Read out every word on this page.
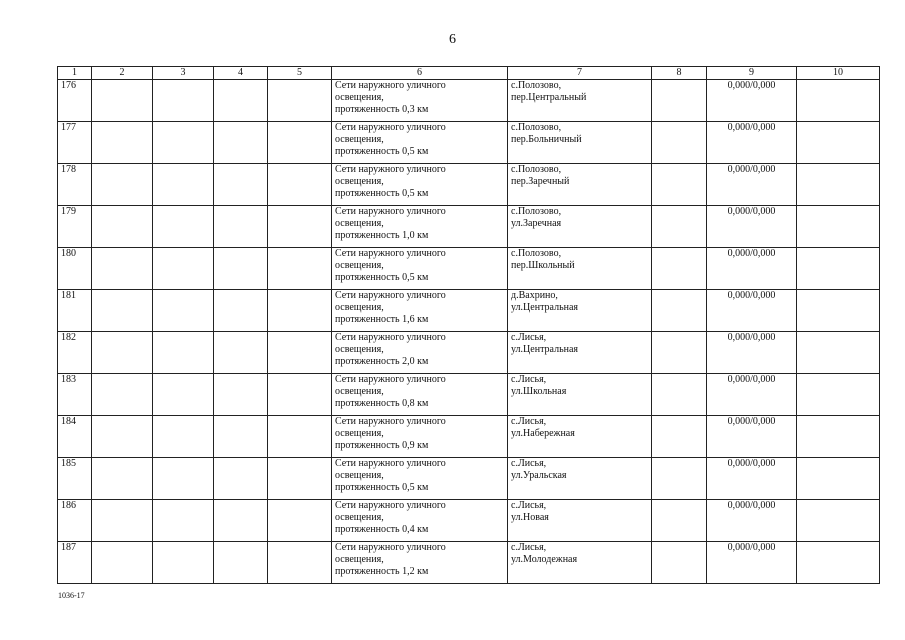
6
1	2	3	4	5	6	7	8	9	10
176					Сети наружного уличного
освещения,
протяженность 0,3 км	с.Полозово,
пер.Центральный		0,000/0,000	
177					Сети наружного уличного
освещения,
протяженность 0,5 км	с.Полозово,
пер.Больничный		0,000/0,000	
178					Сети наружного уличного
освещения,
протяженность 0,5 км	с.Полозово,
пер.Заречный		0,000/0,000	
179					Сети наружного уличного
освещения,
протяженность 1,0 км	с.Полозово,
ул.Заречная		0,000/0,000	
180					Сети наружного уличного
освещения,
протяженность 0,5 км	с.Полозово,
пер.Школьный		0,000/0,000	
181					Сети наружного уличного
освещения,
протяженность 1,6 км	д.Вахрино,
ул.Центральная		0,000/0,000	
182					Сети наружного уличного
освещения,
протяженность 2,0 км	с.Лисья,
ул.Центральная		0,000/0,000	
183					Сети наружного уличного
освещения,
протяженность 0,8 км	с.Лисья,
ул.Школьная		0,000/0,000	
184					Сети наружного уличного
освещения,
протяженность 0,9 км	с.Лисья,
ул.Набережная		0,000/0,000	
185					Сети наружного уличного
освещения,
протяженность 0,5 км	с.Лисья,
ул.Уральская		0,000/0,000	
186					Сети наружного уличного
освещения,
протяженность 0,4 км	с.Лисья,
ул.Новая		0,000/0,000	
187					Сети наружного уличного
освещения,
протяженность 1,2 км	с.Лисья,
ул.Молодежная		0,000/0,000	
1036-17
